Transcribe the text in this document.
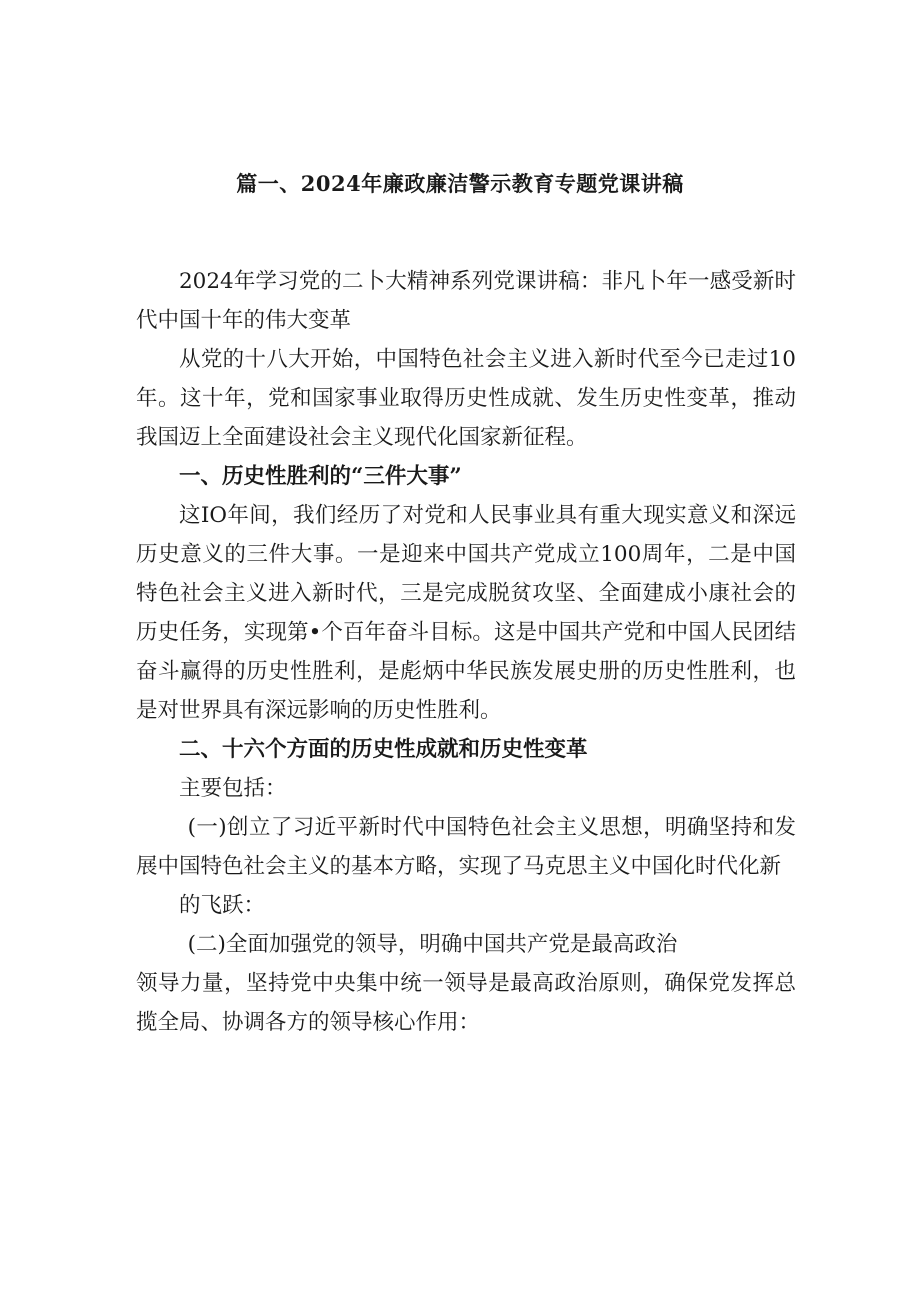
篇一、2024年廉政廉洁警示教育专题党课讲稿

2024年学习党的二卜大精神系列党课讲稿：非凡卜年一感受新时代中国十年的伟大变革

从党的十八大开始，中国特色社会主义进入新时代至今已走过10年。这十年，党和国家事业取得历史性成就、发生历史性变革，推动我国迈上全面建设社会主义现代化国家新征程。

一、历史性胜利的“三件大事”

这IO年间，我们经历了对党和人民事业具有重大现实意义和深远历史意义的三件大事。一是迎来中国共产党成立100周年，二是中国特色社会主义进入新时代，三是完成脱贫攻坚、全面建成小康社会的历史任务，实现第•个百年奋斗目标。这是中国共产党和中国人民团结奋斗赢得的历史性胜利，是彪炳中华民族发展史册的历史性胜利，也是对世界具有深远影响的历史性胜利。

二、十六个方面的历史性成就和历史性变革

主要包括：

(一)创立了习近平新时代中国特色社会主义思想，明确坚持和发展中国特色社会主义的基本方略，实现了马克思主义中国化时代化新

的飞跃：

(二)全面加强党的领导，明确中国共产党是最高政治

领导力量，坚持党中央集中统一领导是最高政治原则，确保党发挥总揽全局、协调各方的领导核心作用：
